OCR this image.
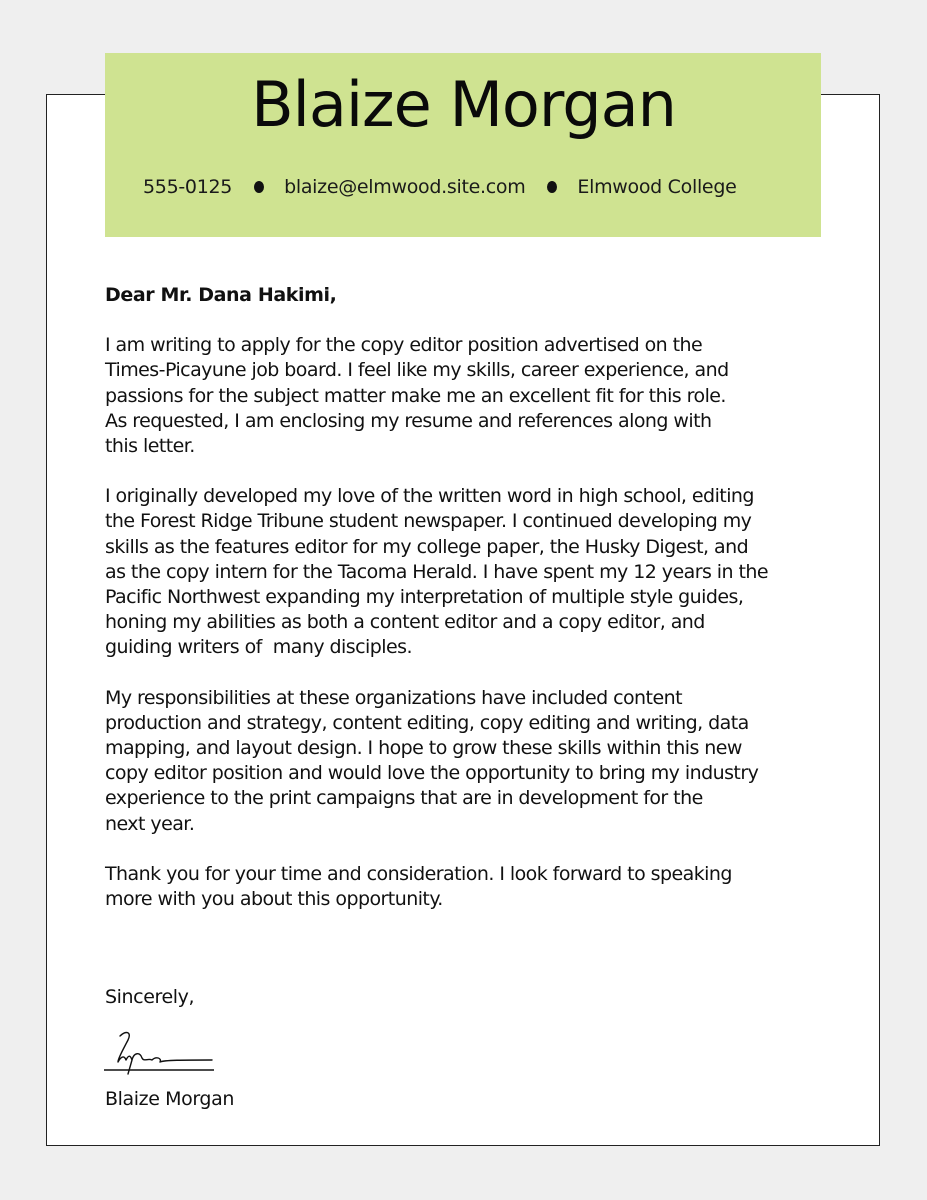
Blaize Morgan
555-0125	blaize@elmwood.site.com	Elmwood College

Dear Mr. Dana Hakimi,

I am writing to apply for the copy editor position advertised on the
Times-Picayune job board. I feel like my skills, career experience, and
passions for the subject matter make me an excellent fit for this role.
As requested, I am enclosing my resume and references along with
this letter.

I originally developed my love of the written word in high school, editing
the Forest Ridge Tribune student newspaper. I continued developing my
skills as the features editor for my college paper, the Husky Digest, and
as the copy intern for the Tacoma Herald. I have spent my 12 years in the
Pacific Northwest expanding my interpretation of multiple style guides,
honing my abilities as both a content editor and a copy editor, and
guiding writers of  many disciples.

My responsibilities at these organizations have included content
production and strategy, content editing, copy editing and writing, data
mapping, and layout design. I hope to grow these skills within this new
copy editor position and would love the opportunity to bring my industry
experience to the print campaigns that are in development for the
next year.

Thank you for your time and consideration. I look forward to speaking
more with you about this opportunity.

Sincerely,
Blaize Morgan
